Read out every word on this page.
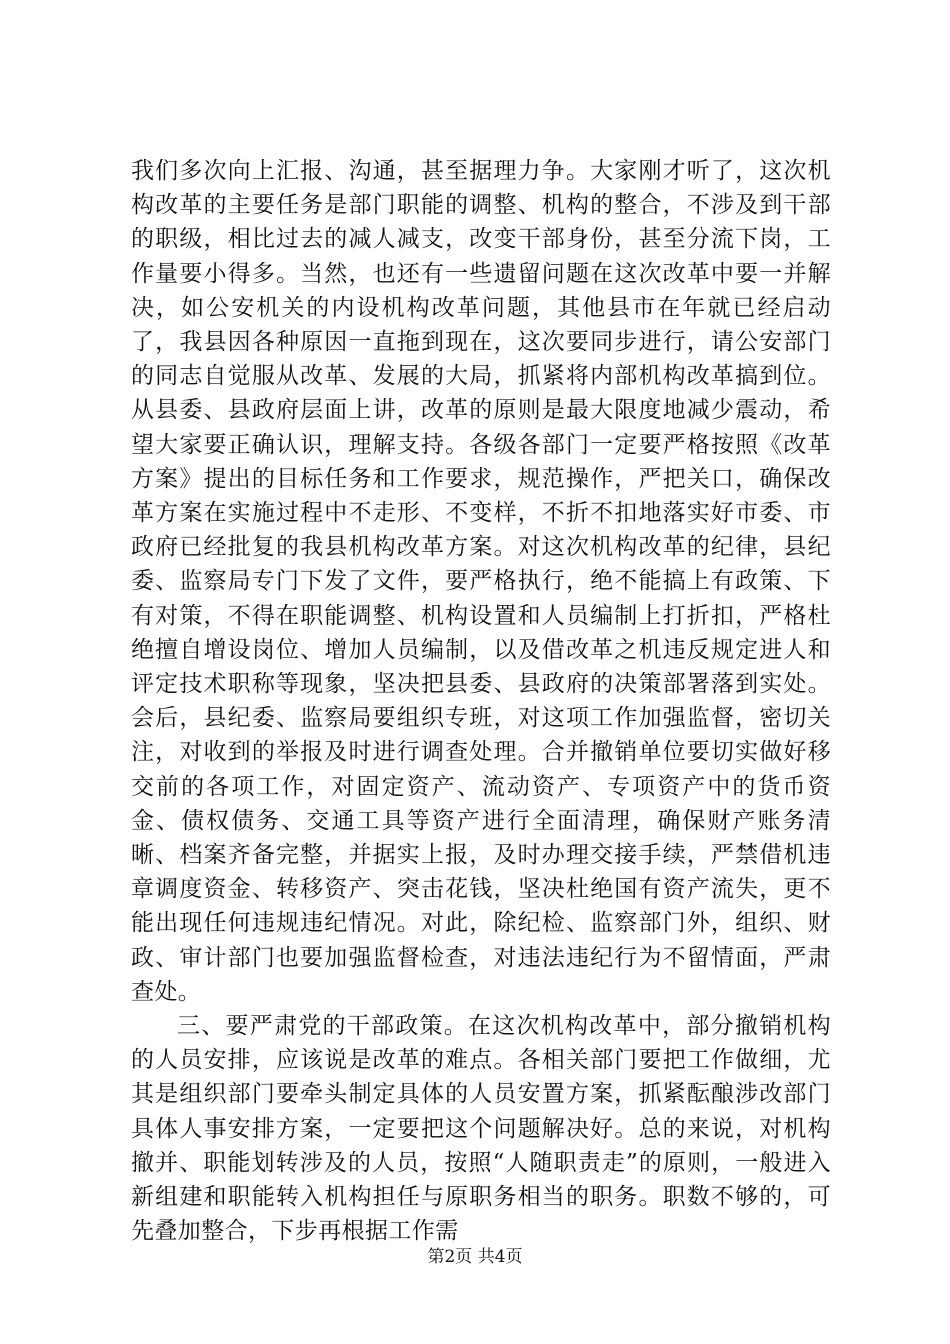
我们多次向上汇报、沟通，甚至据理力争。大家刚才听了，这次机构改革的主要任务是部门职能的调整、机构的整合，不涉及到干部的职级，相比过去的减人减支，改变干部身份，甚至分流下岗，工作量要小得多。当然，也还有一些遗留问题在这次改革中要一并解决，如公安机关的内设机构改革问题，其他县市在年就已经启动了，我县因各种原因一直拖到现在，这次要同步进行，请公安部门的同志自觉服从改革、发展的大局，抓紧将内部机构改革搞到位。从县委、县政府层面上讲，改革的原则是最大限度地减少震动，希望大家要正确认识，理解支持。各级各部门一定要严格按照《改革方案》提出的目标任务和工作要求，规范操作，严把关口，确保改革方案在实施过程中不走形、不变样，不折不扣地落实好市委、市政府已经批复的我县机构改革方案。对这次机构改革的纪律，县纪委、监察局专门下发了文件，要严格执行，绝不能搞上有政策、下有对策，不得在职能调整、机构设置和人员编制上打折扣，严格杜绝擅自增设岗位、增加人员编制，以及借改革之机违反规定进人和评定技术职称等现象，坚决把县委、县政府的决策部署落到实处。会后，县纪委、监察局要组织专班，对这项工作加强监督，密切关注，对收到的举报及时进行调查处理。合并撤销单位要切实做好移交前的各项工作，对固定资产、流动资产、专项资产中的货币资金、债权债务、交通工具等资产进行全面清理，确保财产账务清晰、档案齐备完整，并据实上报，及时办理交接手续，严禁借机违章调度资金、转移资产、突击花钱，坚决杜绝国有资产流失，更不能出现任何违规违纪情况。对此，除纪检、监察部门外，组织、财政、审计部门也要加强监督检查，对违法违纪行为不留情面，严肃查处。

三、要严肃党的干部政策。在这次机构改革中，部分撤销机构的人员安排，应该说是改革的难点。各相关部门要把工作做细，尤其是组织部门要牵头制定具体的人员安置方案，抓紧酝酿涉改部门具体人事安排方案，一定要把这个问题解决好。总的来说，对机构撤并、职能划转涉及的人员，按照“人随职责走”的原则，一般进入新组建和职能转入机构担任与原职务相当的职务。职数不够的，可先叠加整合，下步再根据工作需

第2页 共4页
